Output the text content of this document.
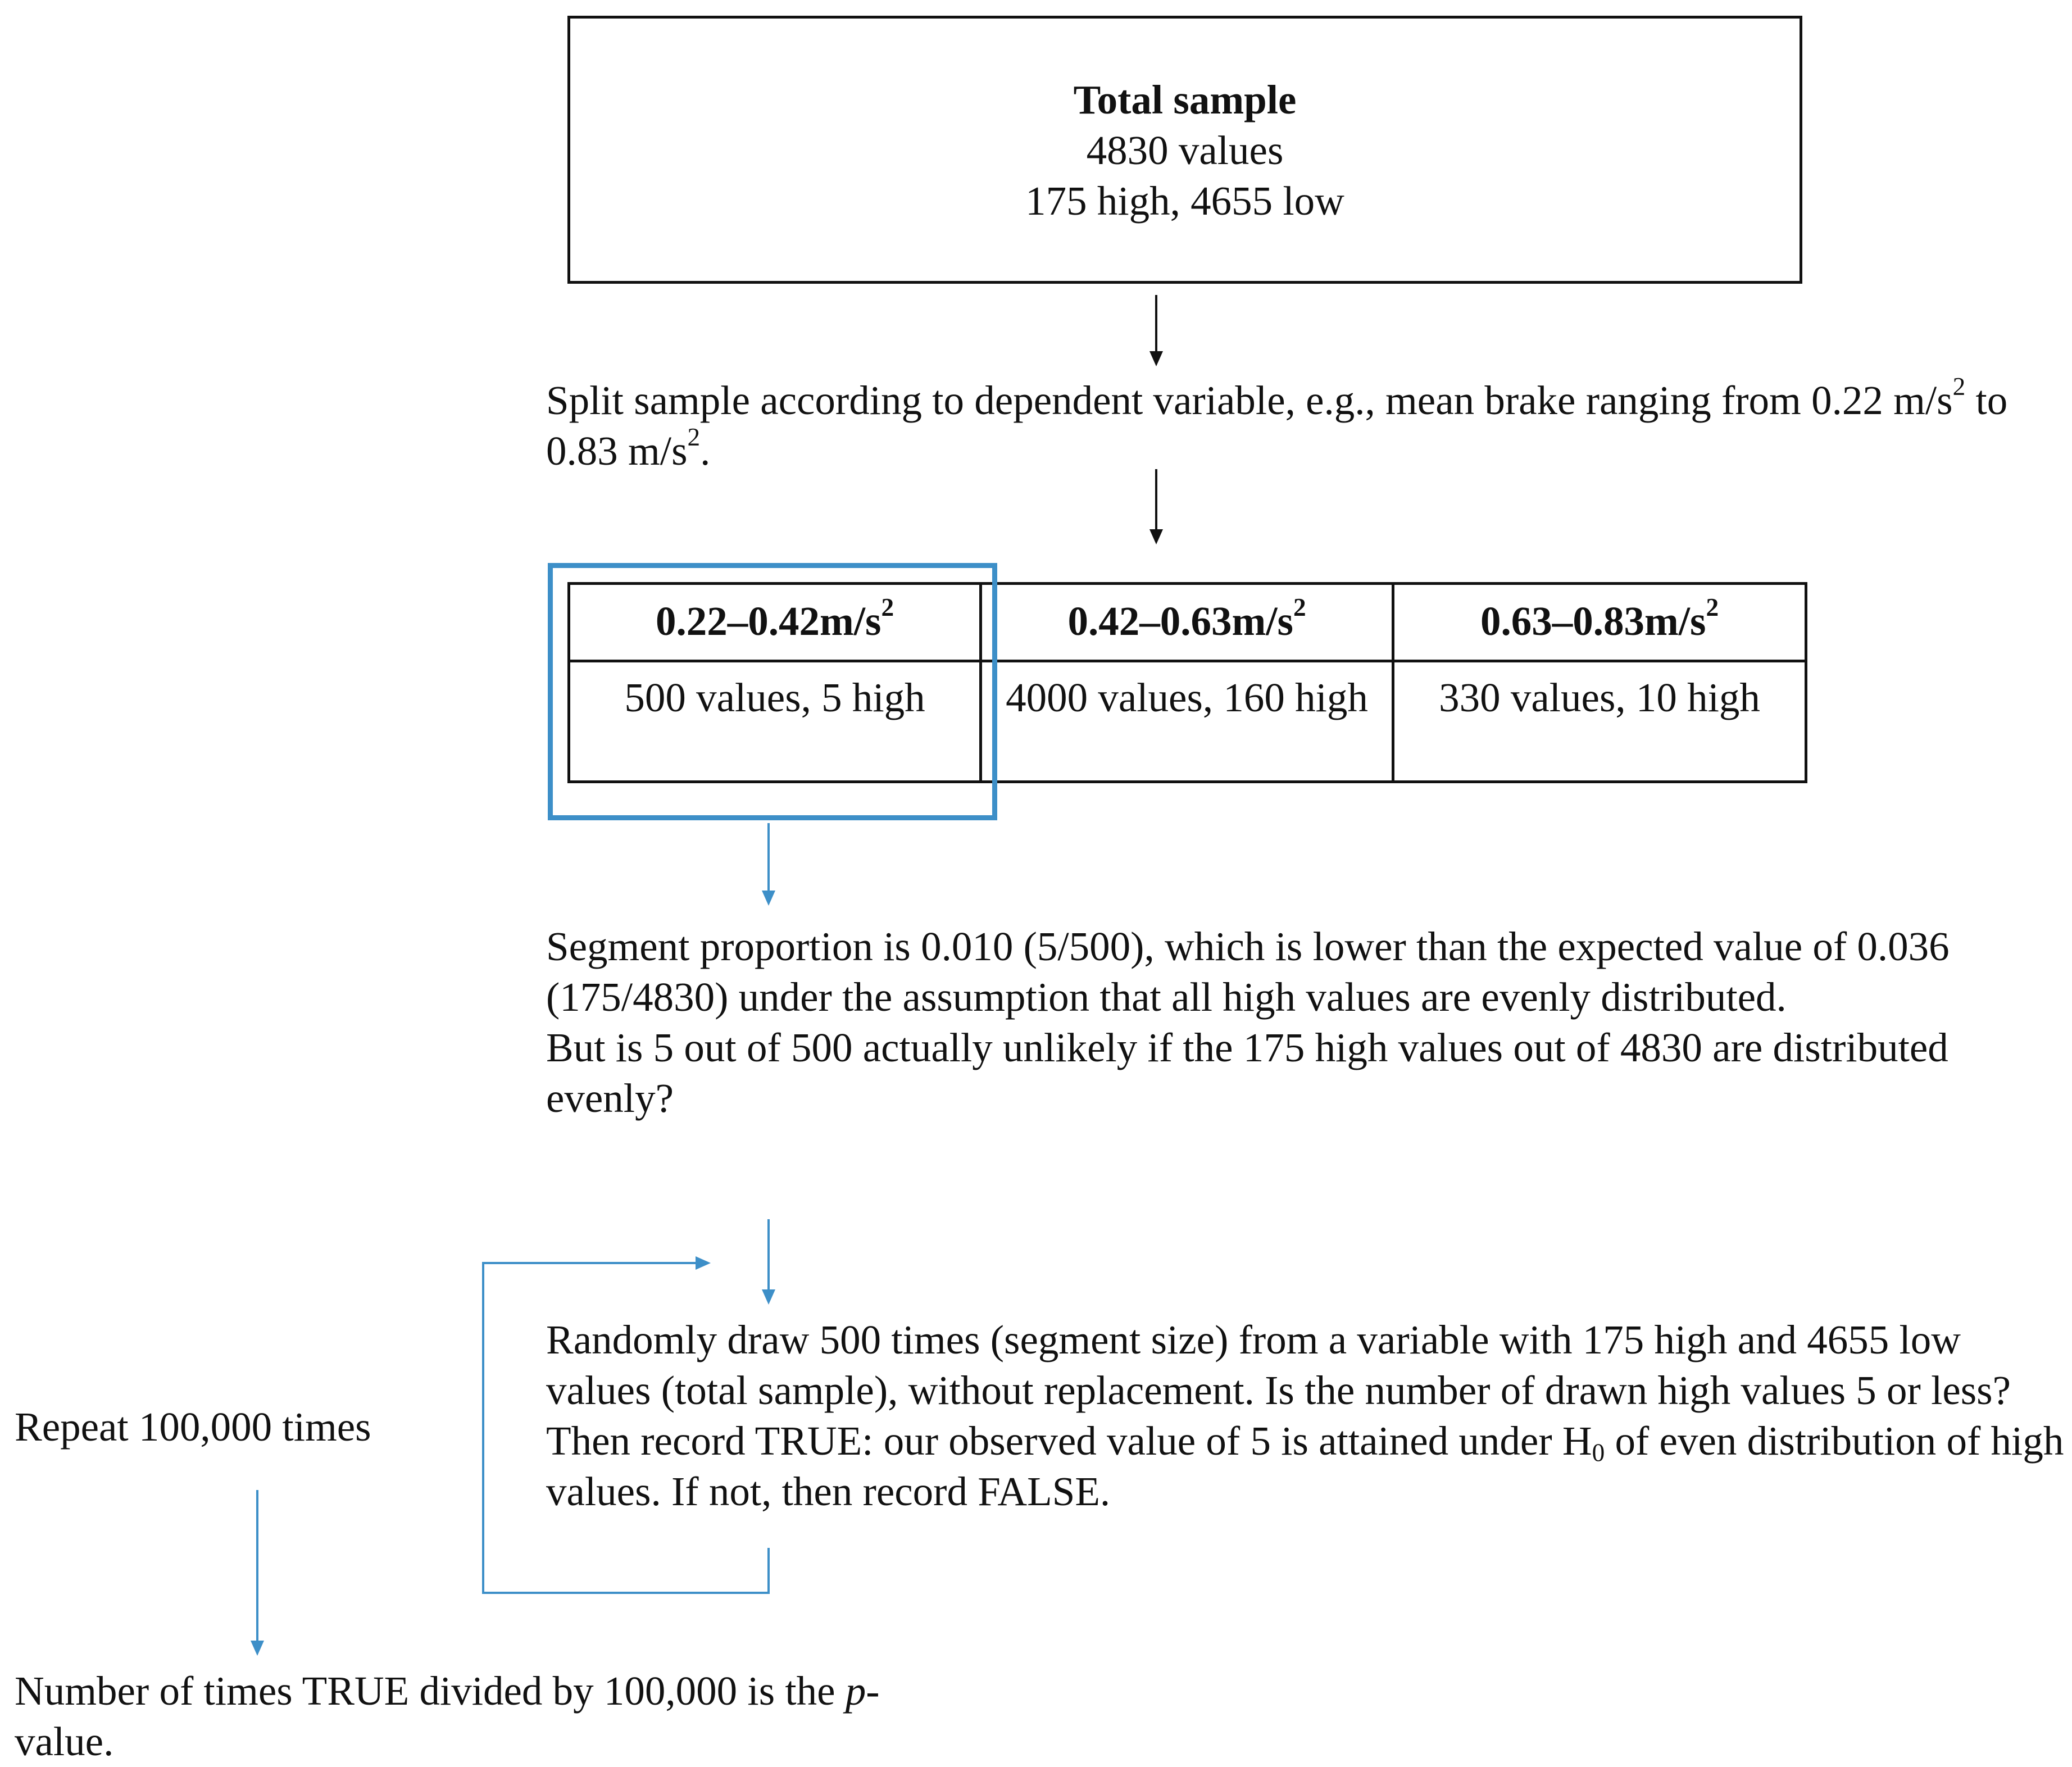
Total sample
4830 values
175 high, 4655 low
Split sample according to dependent variable, e.g., mean brake ranging from 0.22 $m/s^2$ to 0.83 $m/s^2$.
$0.22-0.42m/s^2$	$0.42-0.63m/s^2$	$0.63-0.83m/s^2$
500 values, 5 high	4000 values, 160 high	330 values, 10 high
Segment proportion is 0.010 (5/500), which is lower than the expected value of 0.036 (175/4830) under the assumption that all high values are evenly distributed.
But is 5 out of 500 actually unlikely if the 175 high values out of 4830 are distributed evenly?
Randomly draw 500 times (segment size) from a variable with 175 high and 4655 low values (total sample), without replacement. Is the number of drawn high values 5 or less? Then record TRUE: our observed value of 5 is attained under $H_0$ of even distribution of high values. If not, then record FALSE.
Repeat 100,000 times
Number of times TRUE divided by 100,000 is the p-value.
